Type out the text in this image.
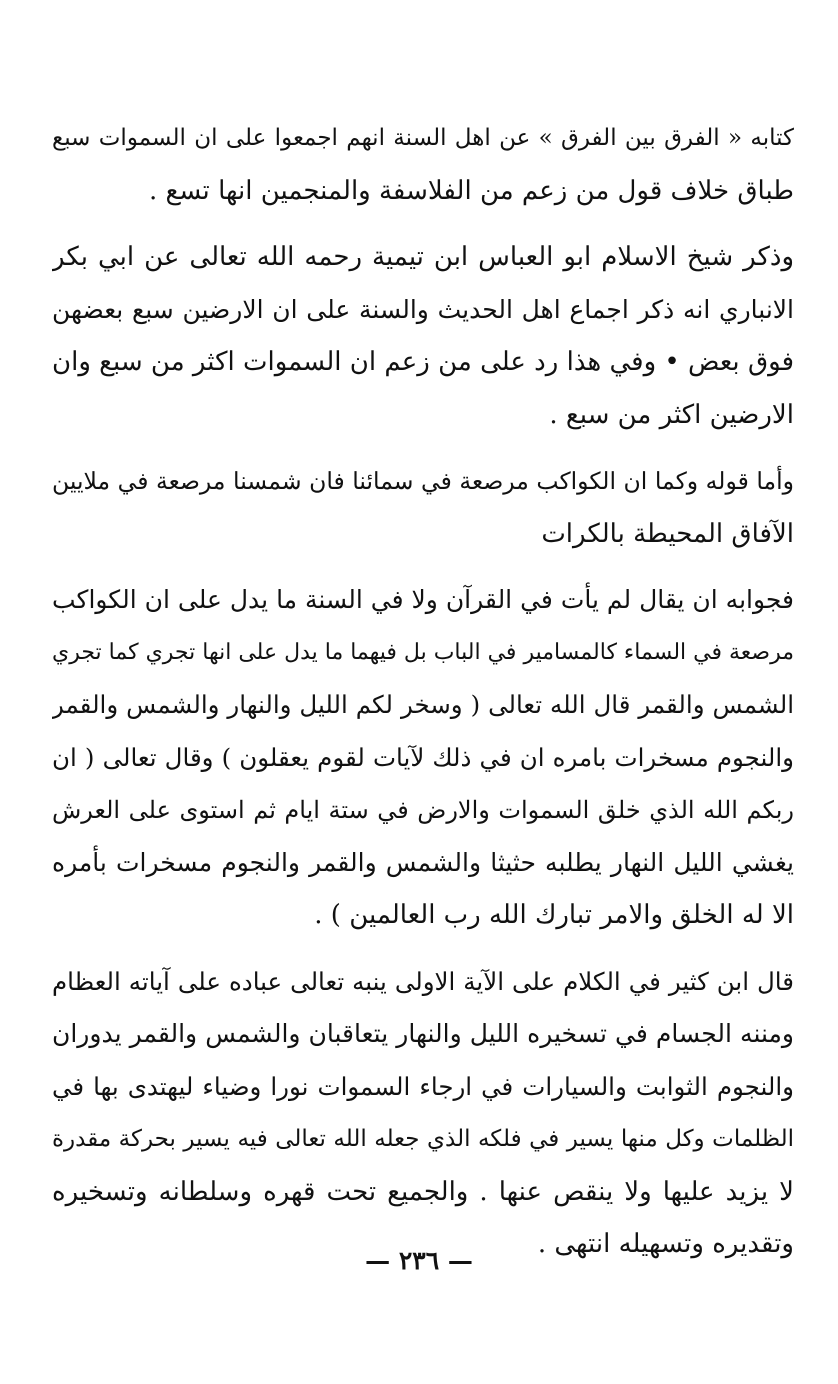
كتابه « الفرق بين الفرق » عن اهل السنة انهم اجمعوا على ان السموات سبع
طباق خلاف قول من زعم من الفلاسفة والمنجمين انها تسع .
وذكر شيخ الاسلام ابو العباس ابن تيمية رحمه الله تعالى عن ابي بكر
الانباري انه ذكر اجماع اهل الحديث والسنة على ان الارضين سبع بعضهن
فوق بعض • وفي هذا رد على من زعم ان السموات اكثر من سبع وان
الارضين اكثر من سبع .
وأما قوله وكما ان الكواكب مرصعة في سمائنا فان شمسنا مرصعة في ملايين
الآفاق المحيطة بالكرات
فجوابه ان يقال لم يأت في القرآن ولا في السنة ما يدل على ان الكواكب
مرصعة في السماء كالمسامير في الباب بل فيهما ما يدل على انها تجري كما تجري
الشمس والقمر قال الله تعالى ( وسخر لكم الليل والنهار والشمس والقمر
والنجوم مسخرات بامره ان في ذلك لآيات لقوم يعقلون ) وقال تعالى ( ان
ربكم الله الذي خلق السموات والارض في ستة ايام ثم استوى على العرش
يغشي الليل النهار يطلبه حثيثا والشمس والقمر والنجوم مسخرات بأمره
الا له الخلق والامر تبارك الله رب العالمين ) .
قال ابن كثير في الكلام على الآية الاولى ينبه تعالى عباده على آياته العظام
ومننه الجسام في تسخيره الليل والنهار يتعاقبان والشمس والقمر يدوران
والنجوم الثوابت والسيارات في ارجاء السموات نورا وضياء ليهتدى بها في
الظلمات وكل منها يسير في فلكه الذي جعله الله تعالى فيه يسير بحركة مقدرة
لا يزيد عليها ولا ينقص عنها . والجميع تحت قهره وسلطانه وتسخيره
وتقديره وتسهيله انتهى .
— ٢٣٦ —
